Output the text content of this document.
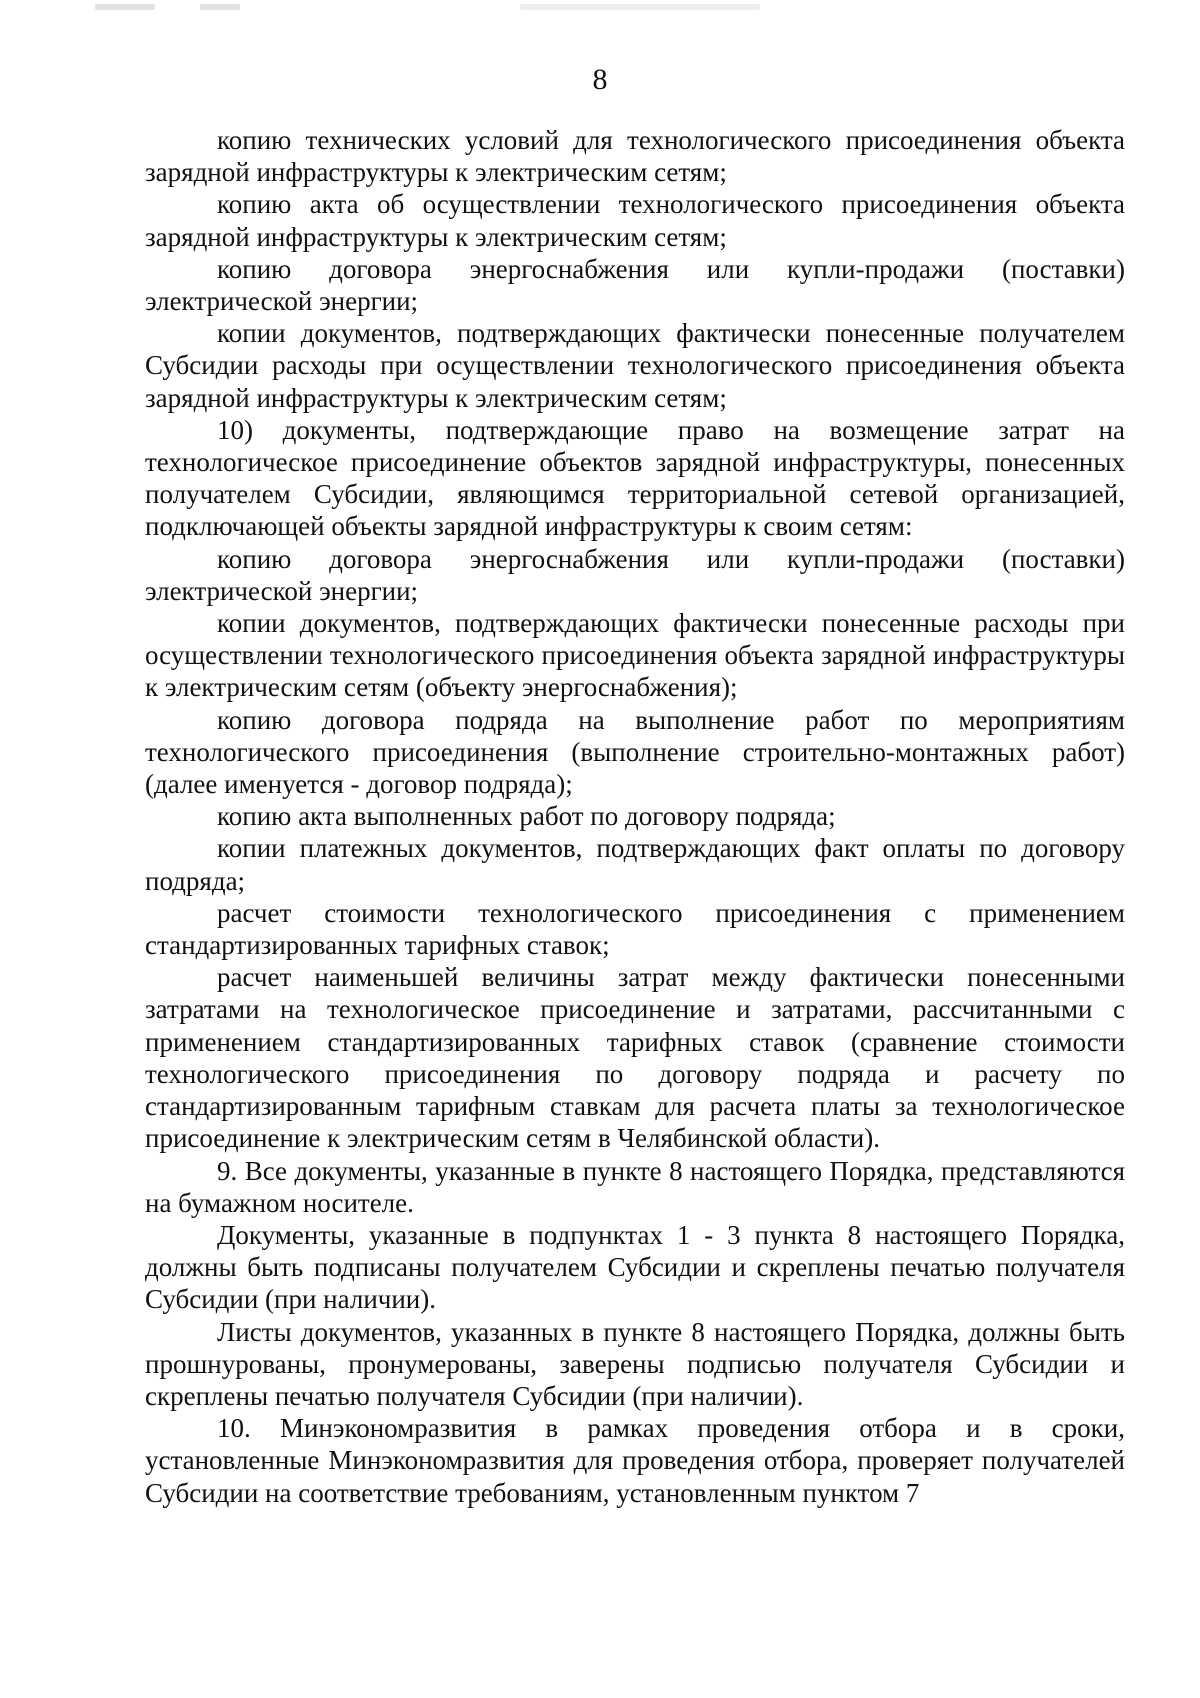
8

копию технических условий для технологического присоединения объекта зарядной инфраструктуры к электрическим сетям;

копию акта об осуществлении технологического присоединения объекта зарядной инфраструктуры к электрическим сетям;

копию договора энергоснабжения или купли-продажи (поставки) электрической энергии;

копии документов, подтверждающих фактически понесенные получателем Субсидии расходы при осуществлении технологического присоединения объекта зарядной инфраструктуры к электрическим сетям;

10) документы, подтверждающие право на возмещение затрат на технологическое присоединение объектов зарядной инфраструктуры, понесенных получателем Субсидии, являющимся территориальной сетевой организацией, подключающей объекты зарядной инфраструктуры к своим сетям:

копию договора энергоснабжения или купли-продажи (поставки) электрической энергии;

копии документов, подтверждающих фактически понесенные расходы при осуществлении технологического присоединения объекта зарядной инфраструктуры к электрическим сетям (объекту энергоснабжения);

копию договора подряда на выполнение работ по мероприятиям технологического присоединения (выполнение строительно-монтажных работ) (далее именуется - договор подряда);

копию акта выполненных работ по договору подряда;

копии платежных документов, подтверждающих факт оплаты по договору подряда;

расчет стоимости технологического присоединения с применением стандартизированных тарифных ставок;

расчет наименьшей величины затрат между фактически понесенными затратами на технологическое присоединение и затратами, рассчитанными с применением стандартизированных тарифных ставок (сравнение стоимости технологического присоединения по договору подряда и расчету по стандартизированным тарифным ставкам для расчета платы за технологическое присоединение к электрическим сетям в Челябинской области).

9. Все документы, указанные в пункте 8 настоящего Порядка, представляются на бумажном носителе.

Документы, указанные в подпунктах 1 - 3 пункта 8 настоящего Порядка, должны быть подписаны получателем Субсидии и скреплены печатью получателя Субсидии (при наличии).

Листы документов, указанных в пункте 8 настоящего Порядка, должны быть прошнурованы, пронумерованы, заверены подписью получателя Субсидии и скреплены печатью получателя Субсидии (при наличии).

10. Минэкономразвития в рамках проведения отбора и в сроки, установленные Минэкономразвития для проведения отбора, проверяет получателей Субсидии на соответствие требованиям, установленным пунктом 7
